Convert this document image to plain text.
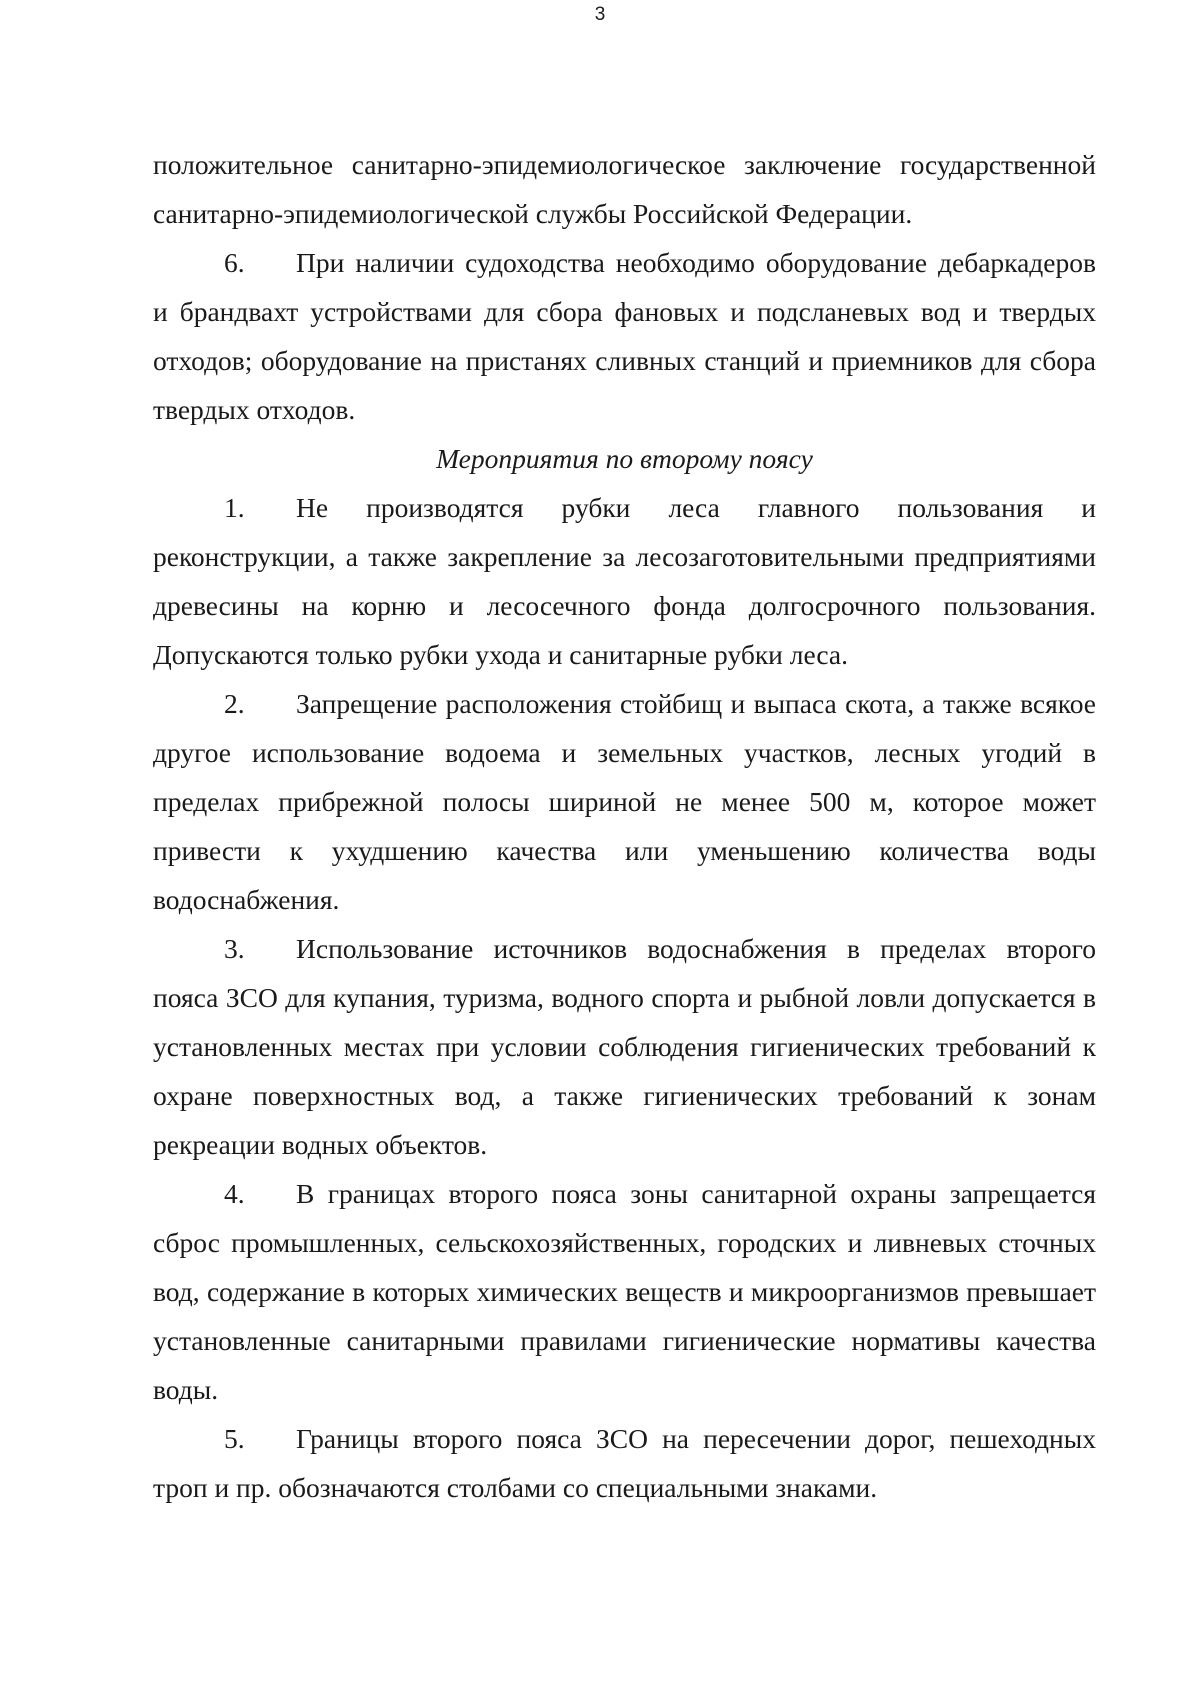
3

положительное санитарно-эпидемиологическое заключение государственной санитарно-эпидемиологической службы Российской Федерации.

6. При наличии судоходства необходимо оборудование дебаркадеров и брандвахт устройствами для сбора фановых и подсланевых вод и твердых отходов; оборудование на пристанях сливных станций и приемников для сбора твердых отходов.

Мероприятия по второму поясу

1. Не производятся рубки леса главного пользования и реконструкции, а также закрепление за лесозаготовительными предприятиями древесины на корню и лесосечного фонда долгосрочного пользования. Допускаются только рубки ухода и санитарные рубки леса.

2. Запрещение расположения стойбищ и выпаса скота, а также всякое другое использование водоема и земельных участков, лесных угодий в пределах прибрежной полосы шириной не менее 500 м, которое может привести к ухудшению качества или уменьшению количества воды водоснабжения.

3. Использование источников водоснабжения в пределах второго пояса ЗСО для купания, туризма, водного спорта и рыбной ловли допускается в установленных местах при условии соблюдения гигиенических требований к охране поверхностных вод, а также гигиенических требований к зонам рекреации водных объектов.

4. В границах второго пояса зоны санитарной охраны запрещается сброс промышленных, сельскохозяйственных, городских и ливневых сточных вод, содержание в которых химических веществ и микроорганизмов превышает установленные санитарными правилами гигиенические нормативы качества воды.

5. Границы второго пояса ЗСО на пересечении дорог, пешеходных троп и пр. обозначаются столбами со специальными знаками.
